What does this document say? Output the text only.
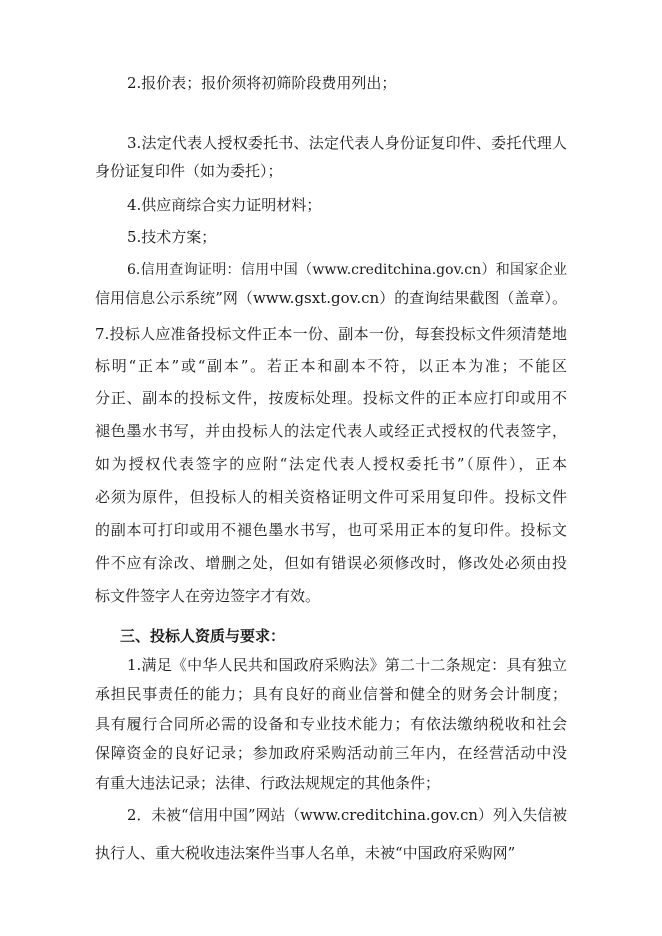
2.报价表；报价须将初筛阶段费用列出；
3.法定代表人授权委托书、法定代表人身份证复印件、委托代理人
身份证复印件（如为委托）；
4.供应商综合实力证明材料；
5.技术方案；
6.信用查询证明：信用中国（www.creditchina.gov.cn）和国家企业
信用信息公示系统”网（www.gsxt.gov.cn）的查询结果截图（盖章）。
7.投标人应准备投标文件正本一份、副本一份，每套投标文件须清楚地
标明“正本”或“副本”。若正本和副本不符，以正本为准；不能区
分正、副本的投标文件，按废标处理。投标文件的正本应打印或用不
褪色墨水书写，并由投标人的法定代表人或经正式授权的代表签字，
如为授权代表签字的应附“法定代表人授权委托书”（原件），正本
必须为原件，但投标人的相关资格证明文件可采用复印件。投标文件
的副本可打印或用不褪色墨水书写，也可采用正本的复印件。投标文
件不应有涂改、增删之处，但如有错误必须修改时，修改处必须由投
标文件签字人在旁边签字才有效。
三、投标人资质与要求：
1.满足《中华人民共和国政府采购法》第二十二条规定：具有独立
承担民事责任的能力；具有良好的商业信誉和健全的财务会计制度；
具有履行合同所必需的设备和专业技术能力；有依法缴纳税收和社会
保障资金的良好记录；参加政府采购活动前三年内，在经营活动中没
有重大违法记录；法律、行政法规规定的其他条件；
2．未被“信用中国”网站（www.creditchina.gov.cn）列入失信被
执行人、重大税收违法案件当事人名单，未被“中国政府采购网”
